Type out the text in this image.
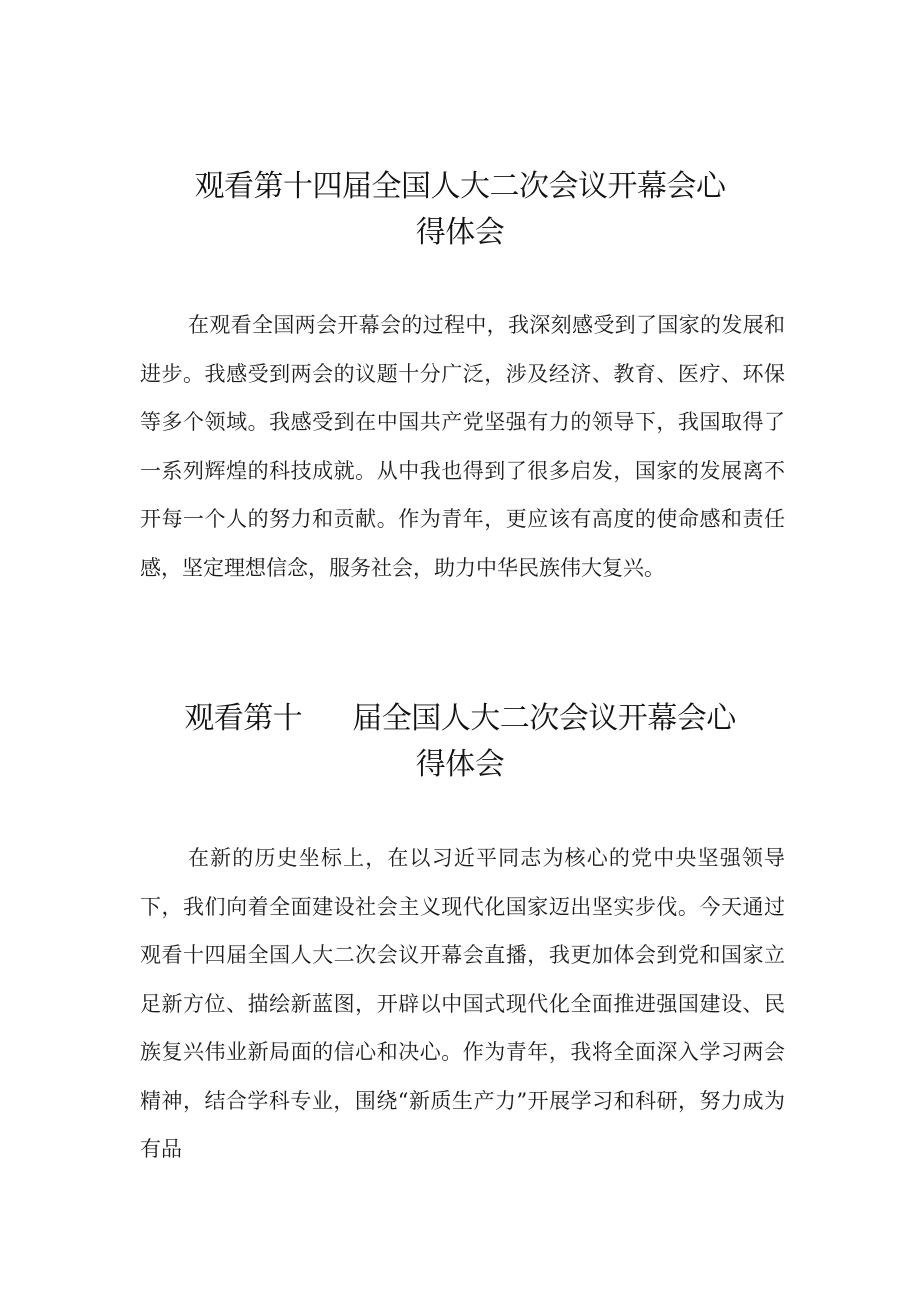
观看第十四届全国人大二次会议开幕会心
得体会

在观看全国两会开幕会的过程中，我深刻感受到了国家的发展和进步。我感受到两会的议题十分广泛，涉及经济、教育、医疗、环保等多个领域。我感受到在中国共产党坚强有力的领导下，我国取得了一系列辉煌的科技成就。从中我也得到了很多启发，国家的发展离不开每一个人的努力和贡献。作为青年，更应该有高度的使命感和责任感，坚定理想信念，服务社会，助力中华民族伟大复兴。

观看第十 届全国人大二次会议开幕会心
得体会

在新的历史坐标上，在以习近平同志为核心的党中央坚强领导下，我们向着全面建设社会主义现代化国家迈出坚实步伐。今天通过观看十四届全国人大二次会议开幕会直播，我更加体会到党和国家立足新方位、描绘新蓝图，开辟以中国式现代化全面推进强国建设、民族复兴伟业新局面的信心和决心。作为青年，我将全面深入学习两会精神，结合学科专业，围绕“新质生产力”开展学习和科研，努力成为有品
